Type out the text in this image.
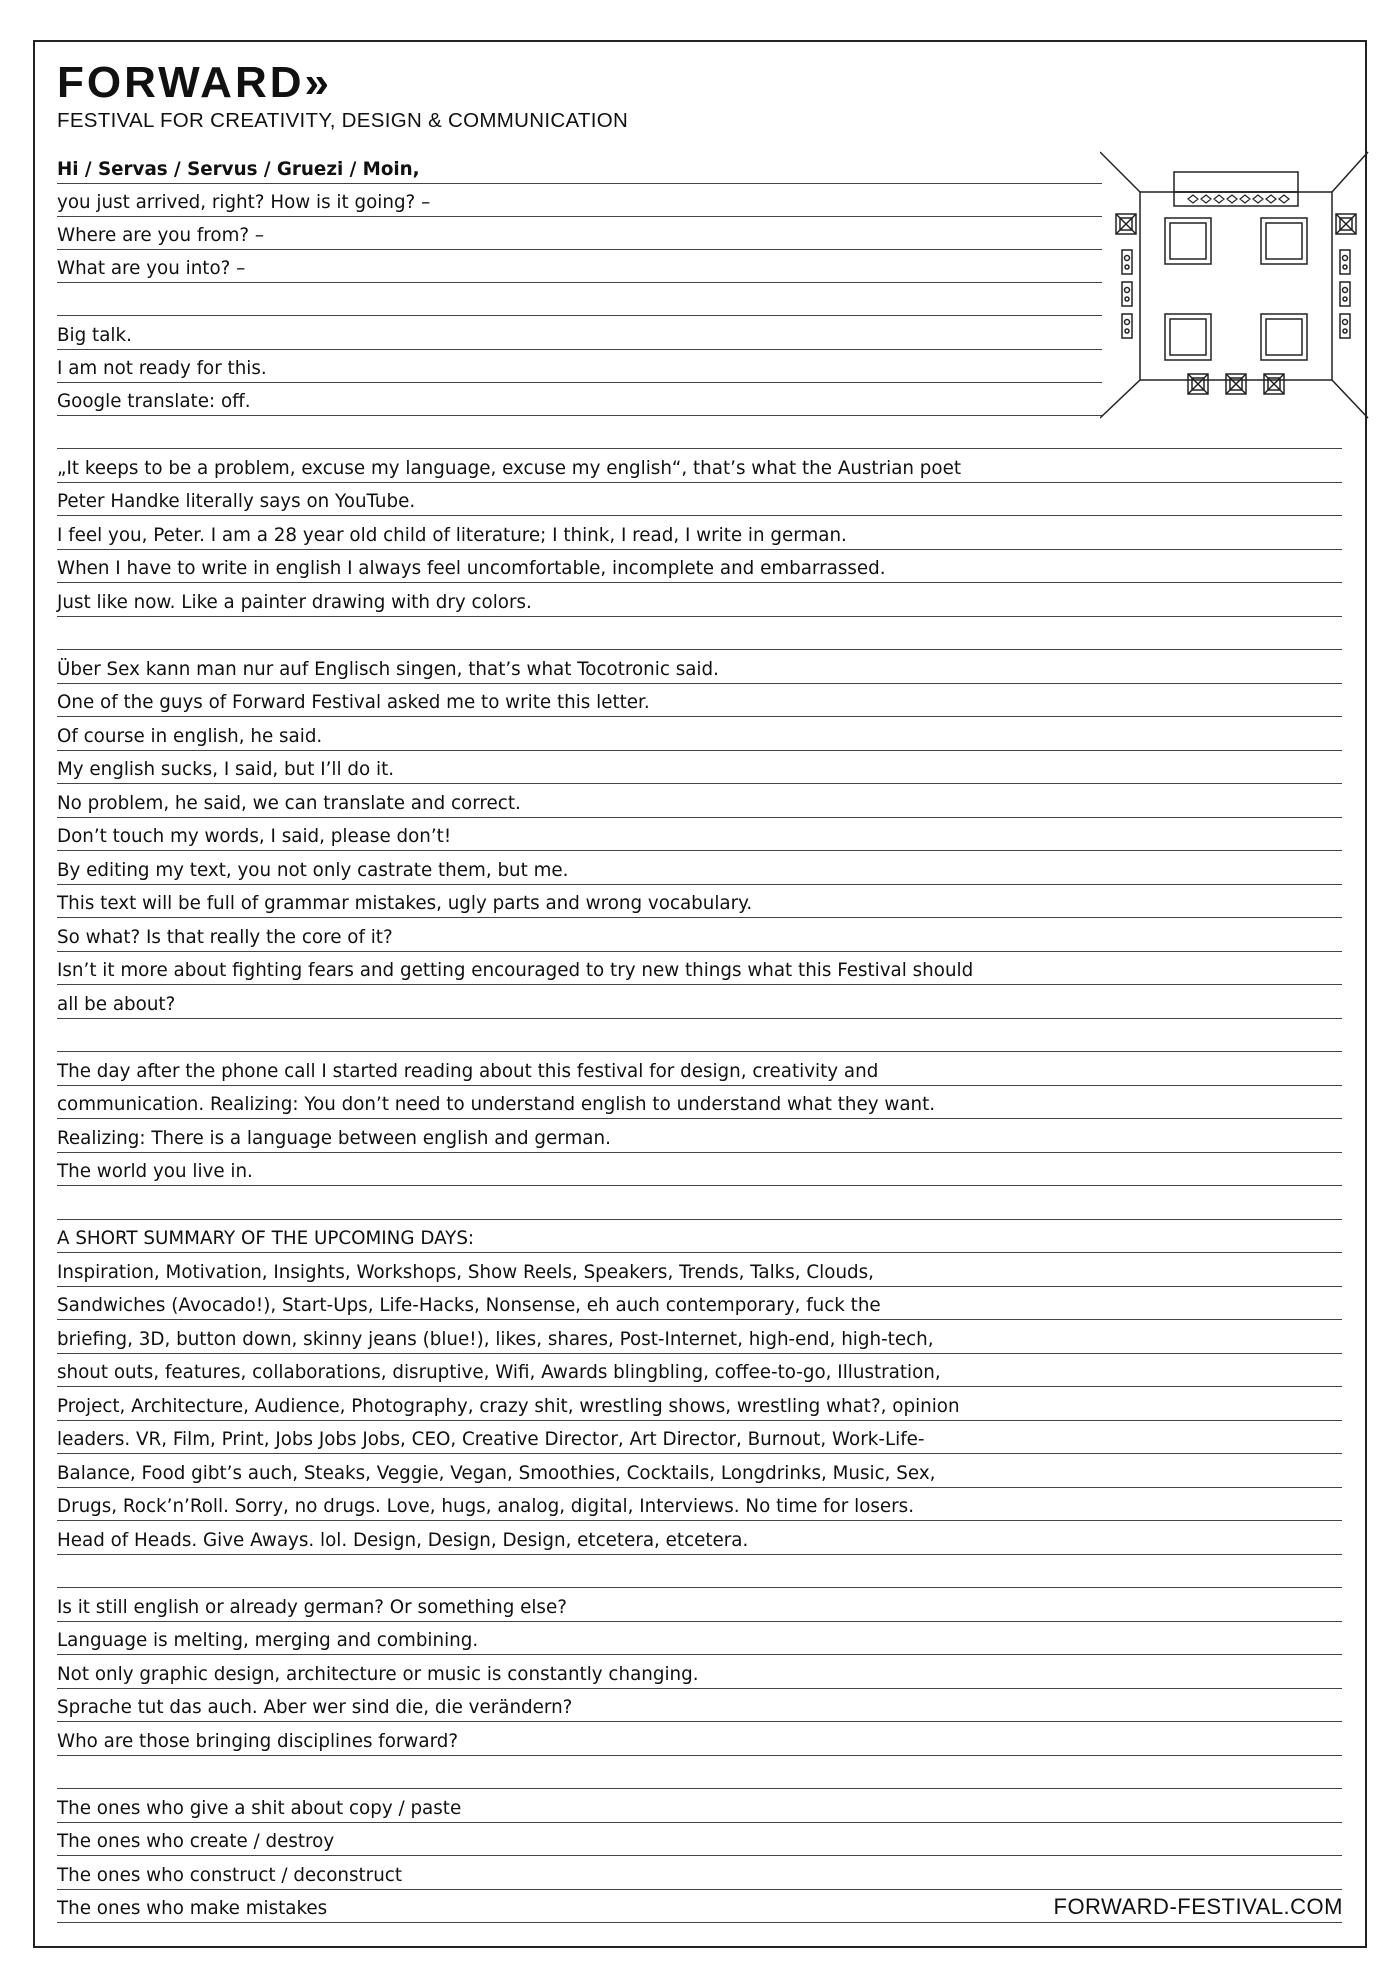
FORWARD»

FESTIVAL FOR CREATIVITY, DESIGN & COMMUNICATION

Hi / Servas / Servus / Gruezi / Moin,
you just arrived, right? How is it going? –
Where are you from? –
What are you into? –
Big talk.
I am not ready for this.
Google translate: off.
„It keeps to be a problem, excuse my language, excuse my english“, that’s what the Austrian poet
Peter Handke literally says on YouTube.
I feel you, Peter. I am a 28 year old child of literature; I think, I read, I write in german.
When I have to write in english I always feel uncomfortable, incomplete and embarrassed.
Just like now. Like a painter drawing with dry colors.
Über Sex kann man nur auf Englisch singen, that’s what Tocotronic said.
One of the guys of Forward Festival asked me to write this letter.
Of course in english, he said.
My english sucks, I said, but I’ll do it.
No problem, he said, we can translate and correct.
Don’t touch my words, I said, please don’t!
By editing my text, you not only castrate them, but me.
This text will be full of grammar mistakes, ugly parts and wrong vocabulary.
So what? Is that really the core of it?
Isn’t it more about fighting fears and getting encouraged to try new things what this Festival should
all be about?
The day after the phone call I started reading about this festival for design, creativity and
communication. Realizing: You don’t need to understand english to understand what they want.
Realizing: There is a language between english and german.
The world you live in.
A SHORT SUMMARY OF THE UPCOMING DAYS:
Inspiration, Motivation, Insights, Workshops, Show Reels, Speakers, Trends, Talks, Clouds,
Sandwiches (Avocado!), Start-Ups, Life-Hacks, Nonsense, eh auch contemporary, fuck the
briefing, 3D, button down, skinny jeans (blue!), likes, shares, Post-Internet, high-end, high-tech,
shout outs, features, collaborations, disruptive, Wifi, Awards blingbling, coffee-to-go, Illustration,
Project, Architecture, Audience, Photography, crazy shit, wrestling shows, wrestling what?, opinion
leaders. VR, Film, Print, Jobs Jobs Jobs, CEO, Creative Director, Art Director, Burnout, Work-Life-
Balance, Food gibt’s auch, Steaks, Veggie, Vegan, Smoothies, Cocktails, Longdrinks, Music, Sex,
Drugs, Rock’n’Roll. Sorry, no drugs. Love, hugs, analog, digital, Interviews. No time for losers.
Head of Heads. Give Aways. lol. Design, Design, Design, etcetera, etcetera.
Is it still english or already german? Or something else?
Language is melting, merging and combining.
Not only graphic design, architecture or music is constantly changing.
Sprache tut das auch. Aber wer sind die, die verändern?
Who are those bringing disciplines forward?
The ones who give a shit about copy / paste
The ones who create / destroy
The ones who construct / deconstruct
The ones who make mistakes	FORWARD-FESTIVAL.COM
